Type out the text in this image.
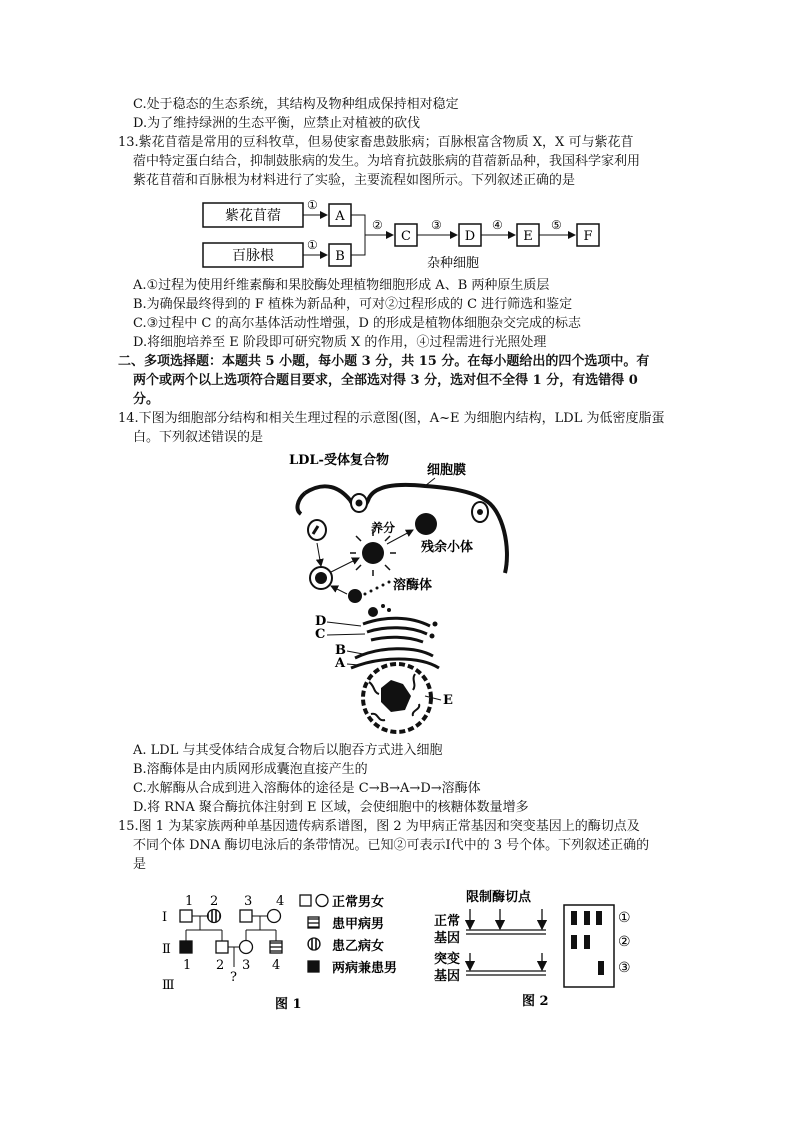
C.处于稳态的生态系统，其结构及物种组成保持相对稳定
D.为了维持绿洲的生态平衡，应禁止对植被的砍伐
13.紫花苜蓿是常用的豆科牧草，但易使家畜患鼓胀病；百脉根富含物质 X，X 可与紫花苜
蓿中特定蛋白结合，抑制鼓胀病的发生。为培育抗鼓胀病的苜蓿新品种，我国科学家利用
紫花苜蓿和百脉根为材料进行了实验，主要流程如图所示。下列叙述正确的是
紫花苜蓿
百脉根
①
①
A
B
②
C
③
D
杂种细胞
④
E
⑤
F
A.①过程为使用纤维素酶和果胶酶处理植物细胞形成 A、B 两种原生质层
B.为确保最终得到的 F 植株为新品种，可对②过程形成的 C 进行筛选和鉴定
C.③过程中 C 的高尔基体活动性增强，D 的形成是植物体细胞杂交完成的标志
D.将细胞培养至 E 阶段即可研究物质 X 的作用，④过程需进行光照处理
二、多项选择题：本题共 5 小题，每小题 3 分，共 15 分。在每小题给出的四个选项中。有
两个或两个以上选项符合题目要求，全部选对得 3 分，选对但不全得 1 分，有选错得 0
分。
14.下图为细胞部分结构和相关生理过程的示意图(图，A~E 为细胞内结构，LDL 为低密度脂蛋
白。下列叙述错误的是
LDL-受体复合物
细胞膜
养分
残余小体
溶酶体
D
C
B
A
E
A. LDL 与其受体结合成复合物后以胞吞方式进入细胞
B.溶酶体是由内质网形成囊泡直接产生的
C.水解酶从合成到进入溶酶体的途径是 C→B→A→D→溶酶体
D.将 RNA 聚合酶抗体注射到 E 区域，会使细胞中的核糖体数量增多
15.图 1 为某家族两种单基因遗传病系谱图，图 2 为甲病正常基因和突变基因上的酶切点及
不同个体 DNA 酶切电泳后的条带情况。已知②可表示Ⅰ代中的 3 号个体。下列叙述正确的
是
Ⅰ
Ⅱ
Ⅲ
1 2 3 4
1 2 3 4
?
正常男女
患甲病男
患乙病女
两病兼患男
图 1
限制酶切点
正常
基因
突变
基因
①
②
③
图 2
